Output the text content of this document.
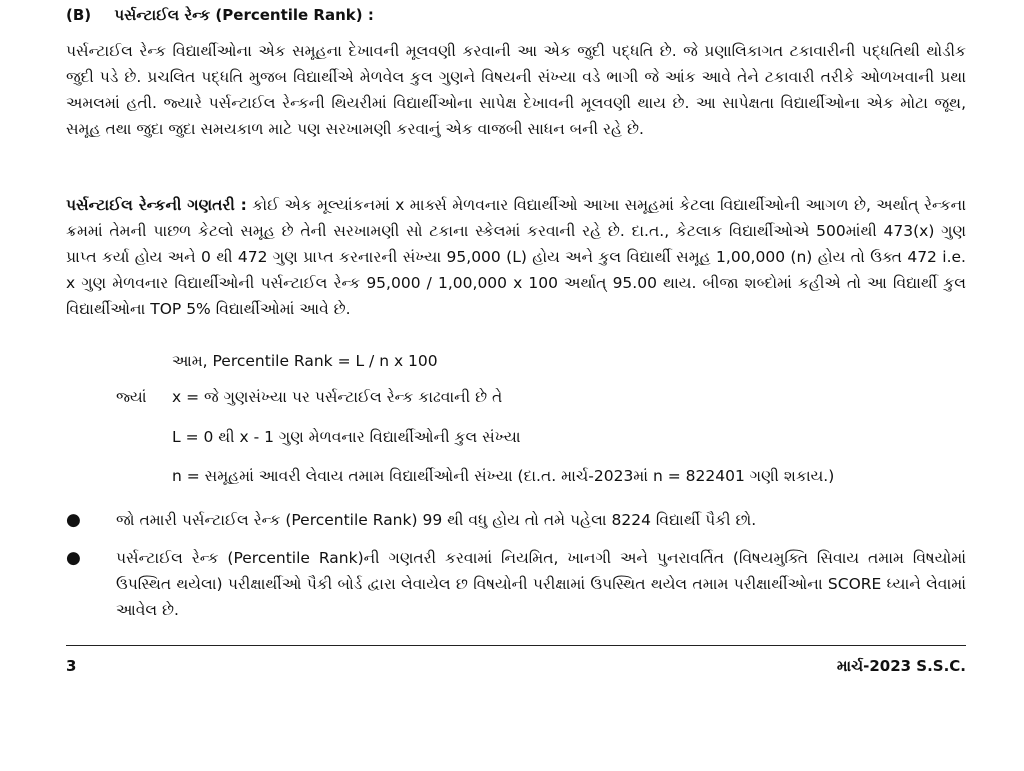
(B) પર્સન્ટાઈલ રેન્ક (Percentile Rank) :
પર્સન્ટાઈલ રેન્ક વિદ્યાર્થીઓના એક સમૂહના દેખાવની મૂલવણી કરવાની આ એક જુદી પદ્ધતિ છે. જે પ્રણાલિકાગત ટકાવારીની પદ્ધતિથી થોડીક જુદી પડે છે. પ્રચલિત પદ્ધતિ મુજબ વિદ્યાર્થીએ મેળવેલ કુલ ગુણને વિષયની સંખ્યા વડે ભાગી જે આંક આવે તેને ટકાવારી તરીકે ઓળખવાની પ્રથા અમલમાં હતી. જ્યારે પર્સન્ટાઈલ રેન્કની થિયરીમાં વિદ્યાર્થીઓના સાપેક્ષ દેખાવની મૂલવણી થાય છે. આ સાપેક્ષતા વિદ્યાર્થીઓના એક મોટા જૂથ, સમૂહ તથા જુદા જુદા સમયકાળ માટે પણ સરખામણી કરવાનું એક વાજબી સાધન બની રહે છે.
પર્સન્ટાઈલ રેન્કની ગણતરી : કોઈ એક મૂલ્યાંકનમાં x માર્ક્સ મેળવનાર વિદ્યાર્થીઓ આખા સમૂહમાં કેટલા વિદ્યાર્થીઓની આગળ છે, અર્થાત્ રેન્કના ક્રમમાં તેમની પાછળ કેટલો સમૂહ છે તેની સરખામણી સો ટકાના સ્કેલમાં કરવાની રહે છે. દા.ત., કેટલાક વિદ્યાર્થીઓએ 500માંથી 473(x) ગુણ પ્રાપ્ત કર્યા હોય અને 0 થી 472 ગુણ પ્રાપ્ત કરનારની સંખ્યા 95,000 (L) હોય અને કુલ વિદ્યાર્થી સમૂહ 1,00,000 (n) હોય તો ઉક્ત 472 i.e. x ગુણ મેળવનાર વિદ્યાર્થીઓની પર્સન્ટાઈલ રેન્ક 95,000 / 1,00,000 x 100 અર્થાત્ 95.00 થાય. બીજા શબ્દોમાં કહીએ તો આ વિદ્યાર્થી કુલ વિદ્યાર્થીઓના TOP 5% વિદ્યાર્થીઓમાં આવે છે.
આમ, Percentile Rank = L / n x 100
જ્યાં x = જે ગુણસંખ્યા પર પર્સન્ટાઈલ રેન્ક કાઢવાની છે તે
L = 0 થી x - 1 ગુણ મેળવનાર વિદ્યાર્થીઓની કુલ સંખ્યા
n = સમૂહમાં આવરી લેવાય તમામ વિદ્યાર્થીઓની સંખ્યા (દા.ત. માર્ચ-2023માં n = 822401 ગણી શકાય.)
● જો તમારી પર્સન્ટાઈલ રેન્ક (Percentile Rank) 99 થી વધુ હોય તો તમે પહેલા 8224 વિદ્યાર્થી પૈકી છો.
● પર્સન્ટાઈલ રેન્ક (Percentile Rank)ની ગણતરી કરવામાં નિયમિત, ખાનગી અને પુનરાવર્તિત (વિષયમુક્તિ સિવાય તમામ વિષયોમાં ઉપસ્થિત થયેલા) પરીક્ષાર્થીઓ પૈકી બોર્ડ દ્વારા લેવાયેલ છ વિષયોની પરીક્ષામાં ઉપસ્થિત થયેલ તમામ પરીક્ષાર્થીઓના SCORE ધ્યાને લેવામાં આવેલ છે.
3	માર્ચ-2023 S.S.C.
